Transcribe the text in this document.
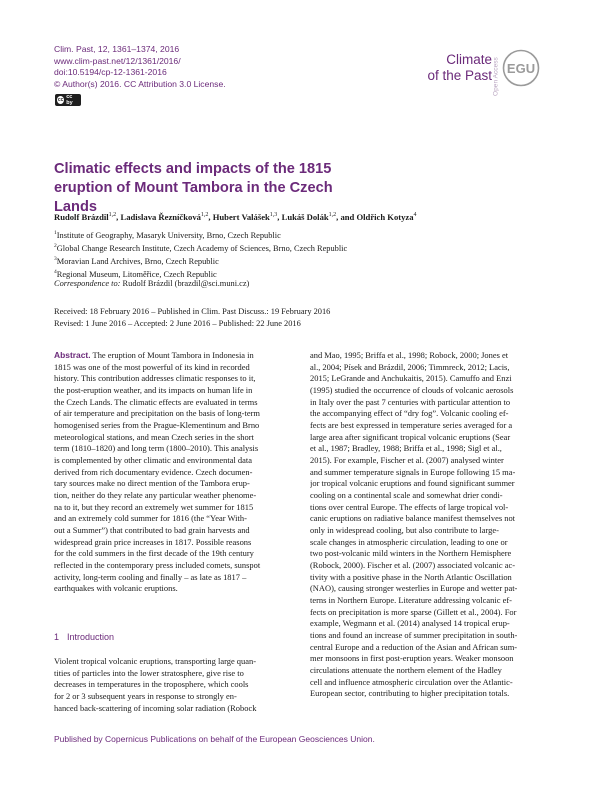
Clim. Past, 12, 1361–1374, 2016
www.clim-past.net/12/1361/2016/
doi:10.5194/cp-12-1361-2016
© Author(s) 2016. CC Attribution 3.0 License.
cc cc by
Climate
of the Past Open Access EGU
Climatic effects and impacts of the 1815 eruption of Mount Tambora in the Czech Lands
Rudolf Brázdil$^{1,2}$, Ladislava Řezníčková$^{1,2}$, Hubert Valášek$^{1,3}$, Lukáš Dolák$^{1,2}$, and Oldřich Kotyza$^4$
$^1$Institute of Geography, Masaryk University, Brno, Czech Republic
$^2$Global Change Research Institute, Czech Academy of Sciences, Brno, Czech Republic
$^3$Moravian Land Archives, Brno, Czech Republic
$^4$Regional Museum, Litoměřice, Czech Republic
Correspondence to: Rudolf Brázdil (brazdil@sci.muni.cz)
Received: 18 February 2016 – Published in Clim. Past Discuss.: 19 February 2016
Revised: 1 June 2016 – Accepted: 2 June 2016 – Published: 22 June 2016
Abstract. The eruption of Mount Tambora in Indonesia in
1815 was one of the most powerful of its kind in recorded
history. This contribution addresses climatic responses to it,
the post-eruption weather, and its impacts on human life in
the Czech Lands. The climatic effects are evaluated in terms
of air temperature and precipitation on the basis of long-term
homogenised series from the Prague-Klementinum and Brno
meteorological stations, and mean Czech series in the short
term (1810–1820) and long term (1800–2010). This analysis
is complemented by other climatic and environmental data
derived from rich documentary evidence. Czech documen-
tary sources make no direct mention of the Tambora erup-
tion, neither do they relate any particular weather phenome-
na to it, but they record an extremely wet summer for 1815
and an extremely cold summer for 1816 (the “Year With-
out a Summer”) that contributed to bad grain harvests and
widespread grain price increases in 1817. Possible reasons
for the cold summers in the first decade of the 19th century
reflected in the contemporary press included comets, sunspot
activity, long-term cooling and finally – as late as 1817 –
earthquakes with volcanic eruptions.
and Mao, 1995; Briffa et al., 1998; Robock, 2000; Jones et
al., 2004; Písek and Brázdil, 2006; Timmreck, 2012; Lacis,
2015; LeGrande and Anchukaitis, 2015). Camuffo and Enzi
(1995) studied the occurrence of clouds of volcanic aerosols
in Italy over the past 7 centuries with particular attention to
the accompanying effect of “dry fog”. Volcanic cooling ef-
fects are best expressed in temperature series averaged for a
large area after significant tropical volcanic eruptions (Sear
et al., 1987; Bradley, 1988; Briffa et al., 1998; Sigl et al.,
2015). For example, Fischer et al. (2007) analysed winter
and summer temperature signals in Europe following 15 ma-
jor tropical volcanic eruptions and found significant summer
cooling on a continental scale and somewhat drier condi-
tions over central Europe. The effects of large tropical vol-
canic eruptions on radiative balance manifest themselves not
only in widespread cooling, but also contribute to large-
scale changes in atmospheric circulation, leading to one or
two post-volcanic mild winters in the Northern Hemisphere
(Robock, 2000). Fischer et al. (2007) associated volcanic ac-
tivity with a positive phase in the North Atlantic Oscillation
(NAO), causing stronger westerlies in Europe and wetter pat-
terns in Northern Europe. Literature addressing volcanic ef-
fects on precipitation is more sparse (Gillett et al., 2004). For
example, Wegmann et al. (2014) analysed 14 tropical erup-
tions and found an increase of summer precipitation in south-
central Europe and a reduction of the Asian and African sum-
mer monsoons in first post-eruption years. Weaker monsoon
circulations attenuate the northern element of the Hadley
cell and influence atmospheric circulation over the Atlantic-
European sector, contributing to higher precipitation totals.
1 Introduction
Violent tropical volcanic eruptions, transporting large quan-
tities of particles into the lower stratosphere, give rise to
decreases in temperatures in the troposphere, which cools
for 2 or 3 subsequent years in response to strongly en-
hanced back-scattering of incoming solar radiation (Robock
Published by Copernicus Publications on behalf of the European Geosciences Union.
